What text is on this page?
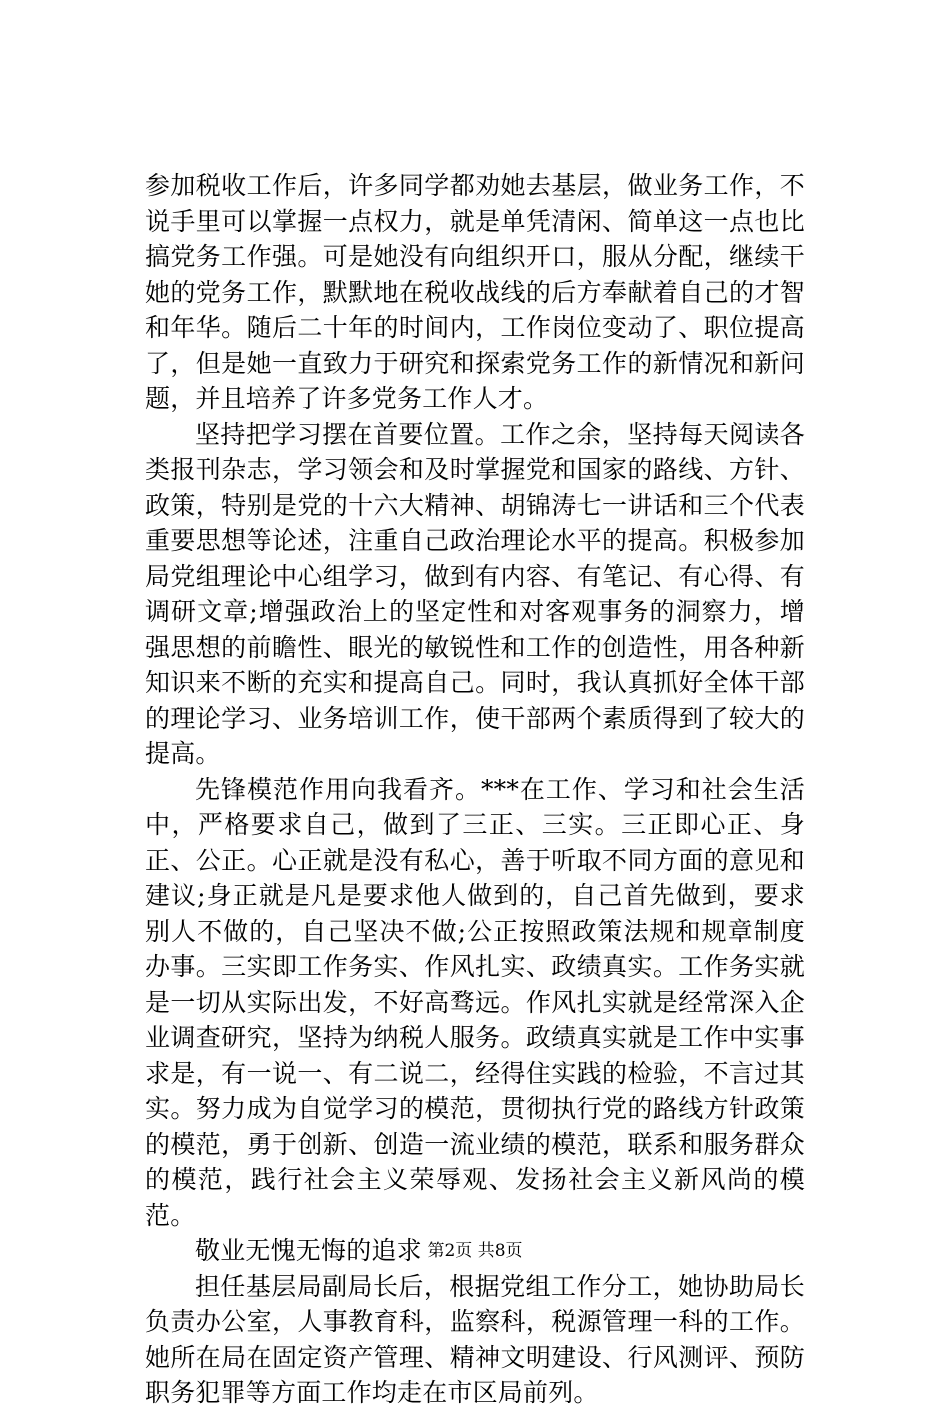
参加税收工作后，许多同学都劝她去基层，做业务工作，不说手里可以掌握一点权力，就是单凭清闲、简单这一点也比搞党务工作强。可是她没有向组织开口，服从分配，继续干她的党务工作，默默地在税收战线的后方奉献着自己的才智和年华。随后二十年的时间内，工作岗位变动了、职位提高了，但是她一直致力于研究和探索党务工作的新情况和新问题，并且培养了许多党务工作人才。

坚持把学习摆在首要位置。工作之余，坚持每天阅读各类报刊杂志，学习领会和及时掌握党和国家的路线、方针、政策，特别是党的十六大精神、胡锦涛七一讲话和三个代表重要思想等论述，注重自己政治理论水平的提高。积极参加局党组理论中心组学习，做到有内容、有笔记、有心得、有调研文章;增强政治上的坚定性和对客观事务的洞察力，增强思想的前瞻性、眼光的敏锐性和工作的创造性，用各种新知识来不断的充实和提高自己。同时，我认真抓好全体干部的理论学习、业务培训工作，使干部两个素质得到了较大的提高。

先锋模范作用向我看齐。***在工作、学习和社会生活中，严格要求自己，做到了三正、三实。三正即心正、身正、公正。心正就是没有私心，善于听取不同方面的意见和建议;身正就是凡是要求他人做到的，自己首先做到，要求别人不做的，自己坚决不做;公正按照政策法规和规章制度办事。三实即工作务实、作风扎实、政绩真实。工作务实就是一切从实际出发，不好高骛远。作风扎实就是经常深入企业调查研究，坚持为纳税人服务。政绩真实就是工作中实事求是，有一说一、有二说二，经得住实践的检验，不言过其实。努力成为自觉学习的模范，贯彻执行党的路线方针政策的模范，勇于创新、创造一流业绩的模范，联系和服务群众的模范，践行社会主义荣辱观、发扬社会主义新风尚的模范。

敬业无愧无悔的追求

担任基层局副局长后，根据党组工作分工，她协助局长负责办公室，人事教育科，监察科，税源管理一科的工作。她所在局在固定资产管理、精神文明建设、行风测评、预防职务犯罪等方面工作均走在市区局前列。

第2页 共8页
